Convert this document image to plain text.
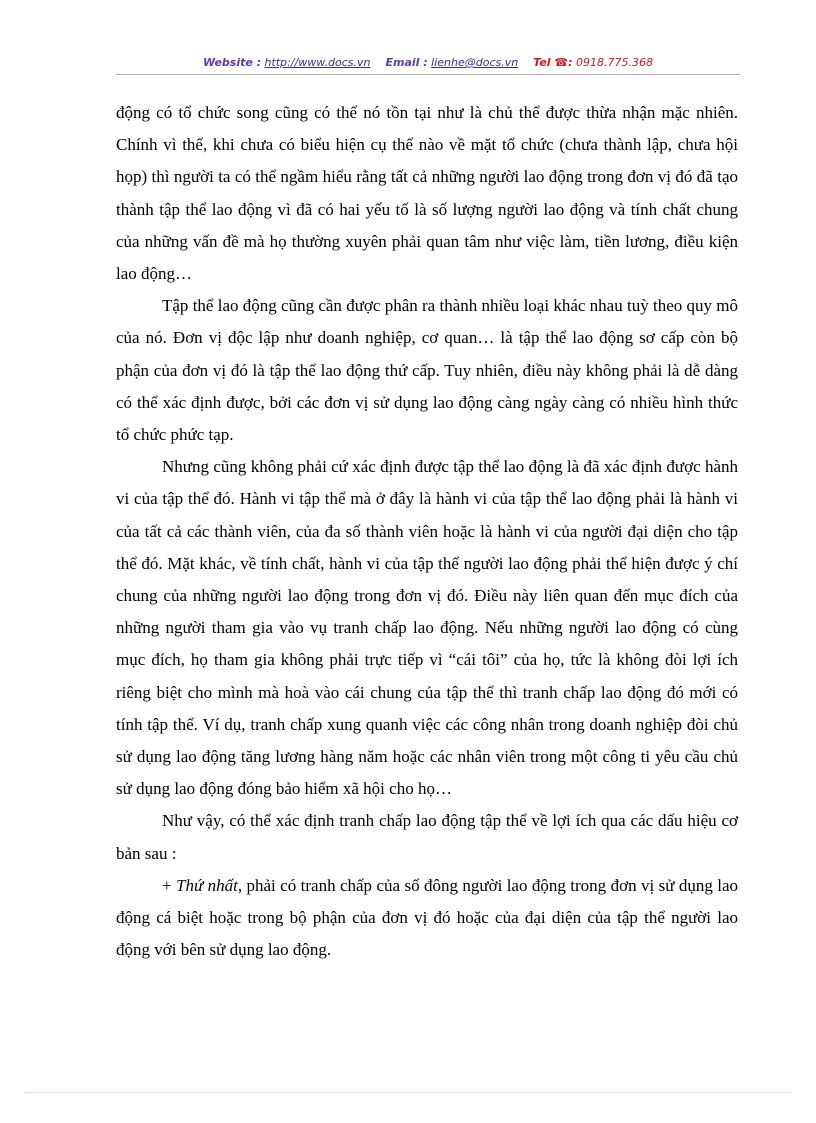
Website : http://www.docs.vn Email : lienhe@docs.vn Tel ☎: 0918.775.368

động có tổ chức song cũng có thể nó tồn tại như là chủ thể được thừa nhận mặc nhiên. Chính vì thế, khi chưa có biểu hiện cụ thể nào về mặt tổ chức (chưa thành lập, chưa hội họp) thì người ta có thể ngầm hiểu rằng tất cả những người lao động trong đơn vị đó đã tạo thành tập thể lao động vì đã có hai yếu tố là số lượng người lao động và tính chất chung của những vấn đề mà họ thường xuyên phải quan tâm như việc làm, tiền lương, điều kiện lao động…

Tập thể lao động cũng cần được phân ra thành nhiều loại khác nhau tuỳ theo quy mô của nó. Đơn vị độc lập như doanh nghiệp, cơ quan… là tập thể lao động sơ cấp còn bộ phận của đơn vị đó là tập thể lao động thứ cấp. Tuy nhiên, điều này không phải là dễ dàng có thể xác định được, bởi các đơn vị sử dụng lao động càng ngày càng có nhiều hình thức tổ chức phức tạp.

Nhưng cũng không phải cứ xác định được tập thể lao động là đã xác định được hành vi của tập thể đó. Hành vi tập thể mà ở đây là hành vi của tập thể lao động phải là hành vi của tất cả các thành viên, của đa số thành viên hoặc là hành vi của người đại diện cho tập thể đó. Mặt khác, về tính chất, hành vi của tập thể người lao động phải thể hiện được ý chí chung của những người lao động trong đơn vị đó. Điều này liên quan đến mục đích của những người tham gia vào vụ tranh chấp lao động. Nếu những người lao động có cùng mục đích, họ tham gia không phải trực tiếp vì “cái tôi” của họ, tức là không đòi lợi ích riêng biệt cho mình mà hoà vào cái chung của tập thể thì tranh chấp lao động đó mới có tính tập thể. Ví dụ, tranh chấp xung quanh việc các công nhân trong doanh nghiệp đòi chủ sử dụng lao động tăng lương hàng năm hoặc các nhân viên trong một công ti yêu cầu chủ sử dụng lao động đóng bảo hiểm xã hội cho họ…

Như vậy, có thể xác định tranh chấp lao động tập thể về lợi ích qua các dấu hiệu cơ bản sau :

+ Thứ nhất, phải có tranh chấp của số đông người lao động trong đơn vị sử dụng lao động cá biệt hoặc trong bộ phận của đơn vị đó hoặc của đại diện của tập thể người lao động với bên sử dụng lao động.
